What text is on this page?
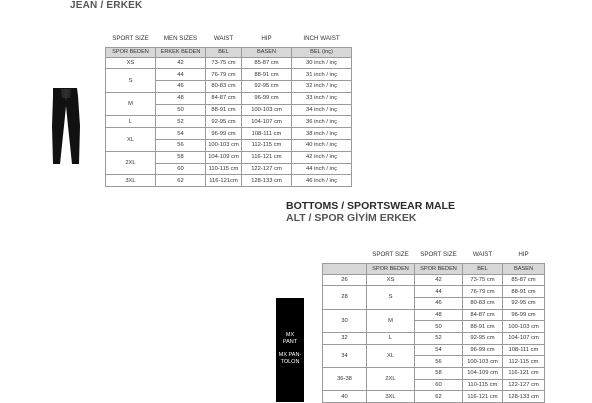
JEAN / ERKEK
SPORT SIZE	MEN SIZES	WAIST	HIP	INCH WAIST
SPOR BEDEN	ERKEK BEDEN	BEL	BASEN	BEL (inç)
XS	42	73-75 cm	85-87 cm	30 inch / inç
S	44	76-79 cm	88-91 cm	31 inch / inç
	46	80-83 cm	92-95 cm	32 inch / inç
M	48	84-87 cm	96-99 cm	33 inch / inç
	50	88-91 cm	100-103 cm	34 inch / inç
L	52	92-95 cm	104-107 cm	36 inch / inç
XL	54	96-99 cm	108-111 cm	38 inch / inç
	56	100-103 cm	112-115 cm	40 inch / inç
2XL	58	104-109 cm	116-121 cm	42 inch / inç
	60	110-115 cm	122-127 cm	44 inch / inç
3XL	62	116-121cm	128-133 cm	46 inch / inç
BOTTOMS / SPORTSWEAR MALE
ALT / SPOR GİYİM ERKEK
MX
PANT
MX PAN-
TOLON
	SPORT SIZE	SPORT SIZE	WAIST	HIP
	SPOR BEDEN	SPOR BEDEN	BEL	BASEN
26	XS	42	73-75 cm	85-87 cm
28	S	44	76-79 cm	88-91 cm
		46	80-83 cm	92-95 cm
30	M	48	84-87 cm	96-99 cm
		50	88-91 cm	100-103 cm
32	L	52	92-95 cm	104-107 cm
34	XL	54	96-99 cm	108-111 cm
		56	100-103 cm	112-115 cm
36-38	2XL	58	104-109 cm	116-121 cm
		60	110-115 cm	122-127 cm
40	3XL	62	116-121 cm	128-133 cm
